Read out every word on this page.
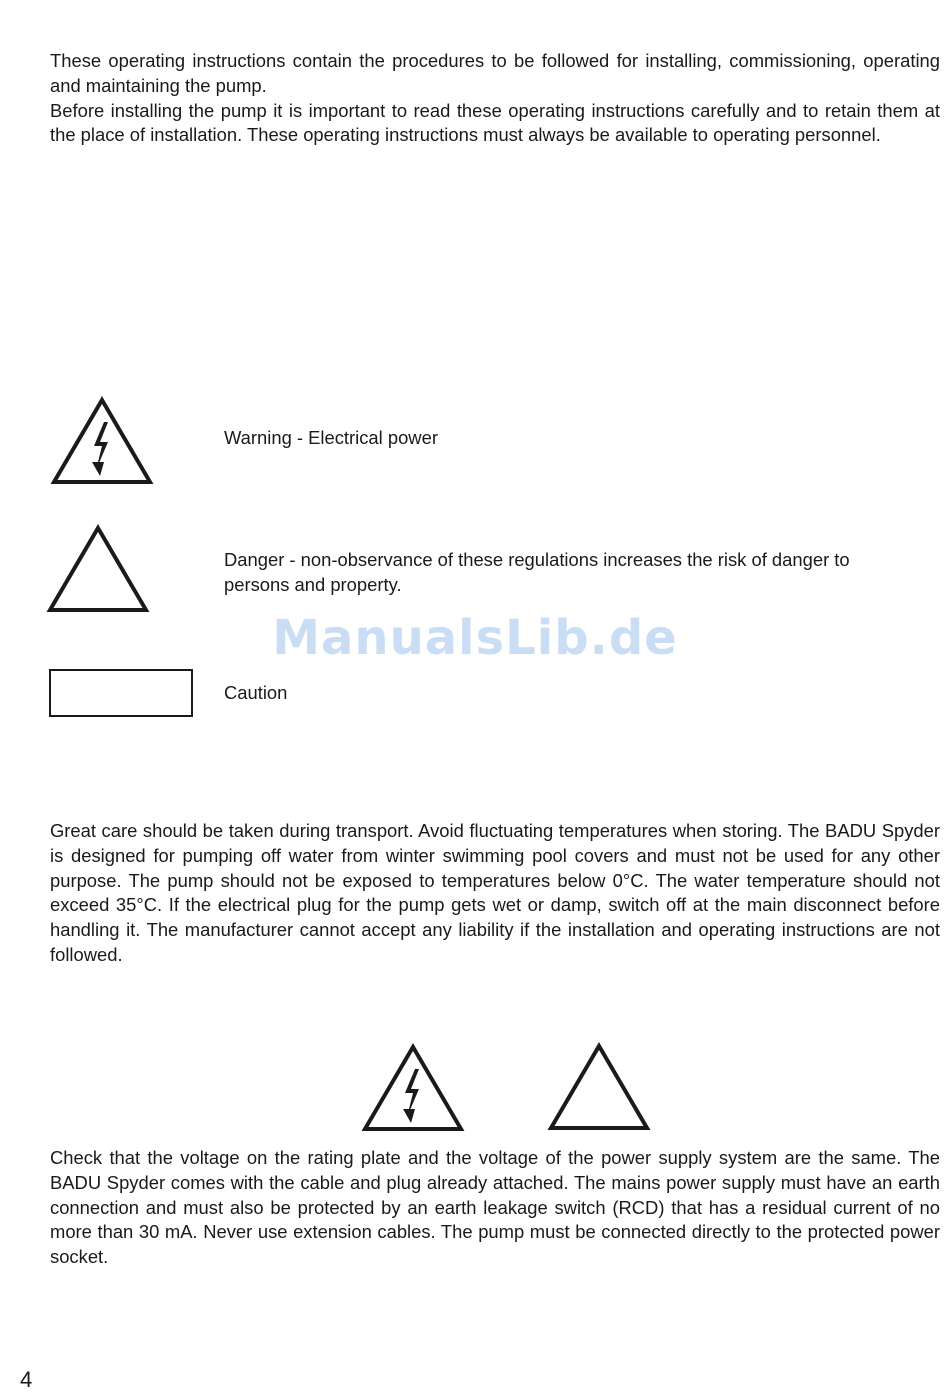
These operating instructions contain the procedures to be followed for installing, commissioning, operating and maintaining the pump.
Before installing the pump it is important to read these operating instructions carefully and to retain them at the place of installation. These operating instructions must always be available to operating personnel.

Warning - Electrical power

Danger - non-observance of these regulations increases the risk of danger to persons and property.

ManualsLib.de

Caution

Great care should be taken during transport. Avoid fluctuating temperatures when storing. The BADU Spyder is designed for pumping off water from winter swimming pool covers and must not be used for any other purpose. The pump should not be exposed to temperatures below 0°C. The water temperature should not exceed 35°C. If the electrical plug for the pump gets wet or damp, switch off at the main disconnect before handling it. The manufacturer cannot accept any liability if the installation and operating instructions are not followed.

Check that the voltage on the rating plate and the voltage of the power supply system are the same. The BADU Spyder comes with the cable and plug already attached. The mains power supply must have an earth connection and must also be protected by an earth leakage switch (RCD) that has a residual current of no more than 30 mA. Never use extension cables. The pump must be connected directly to the protected power socket.

4
